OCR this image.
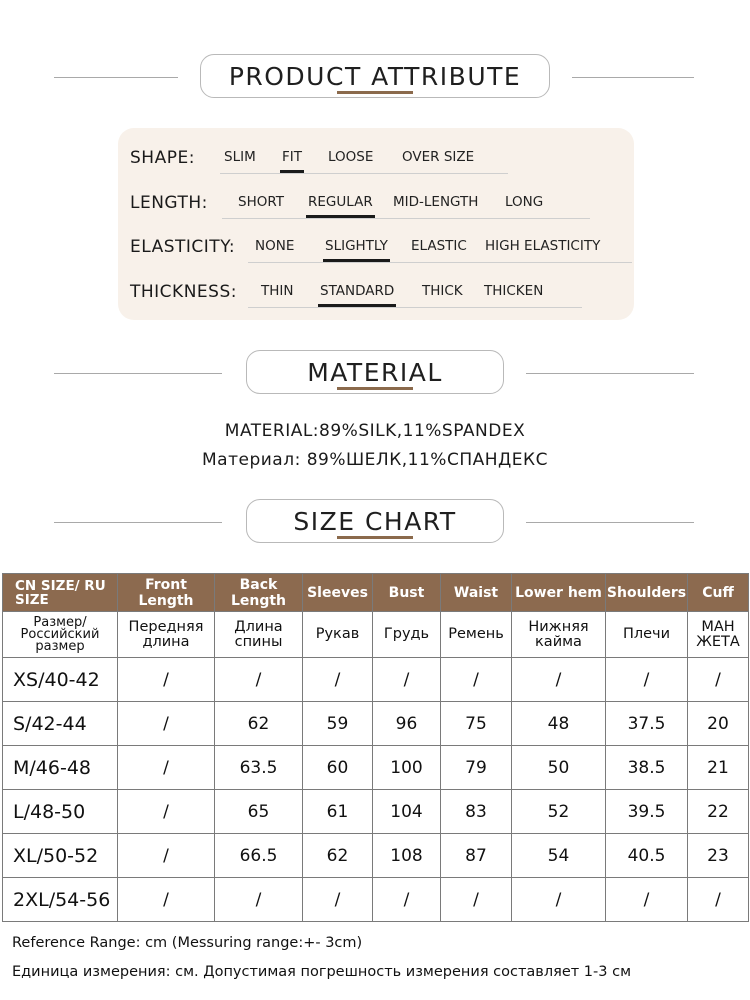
PRODUCT ATTRIBUTE
SHAPE: SLIM FIT LOOSE OVER SIZE
LENGTH: SHORT REGULAR MID-LENGTH LONG
ELASTICITY: NONE SLIGHTLY ELASTIC HIGH ELASTICITY
THICKNESS: THIN STANDARD THICK THICKEN
MATERIAL
MATERIAL:89%SILK,11%SPANDEX
Материал: 89%ШЕЛК,11%СПАНДЕКС
SIZE CHART
CN SIZE/ RU SIZE	Front Length	Back Length	Sleeves	Bust	Waist	Lower hem	Shoulders	Cuff
Размер/ Российский размер	Передняя длина	Длина спины	Рукав	Грудь	Ремень	Нижняя кайма	Плечи	МАН ЖЕТА
XS/40-42	/	/	/	/	/	/	/	/
S/42-44	/	62	59	96	75	48	37.5	20
M/46-48	/	63.5	60	100	79	50	38.5	21
L/48-50	/	65	61	104	83	52	39.5	22
XL/50-52	/	66.5	62	108	87	54	40.5	23
2XL/54-56	/	/	/	/	/	/	/	/
Reference Range: cm (Messuring range:+- 3cm)
Единица измерения: см. Допустимая погрешность измерения составляет 1-3 см
